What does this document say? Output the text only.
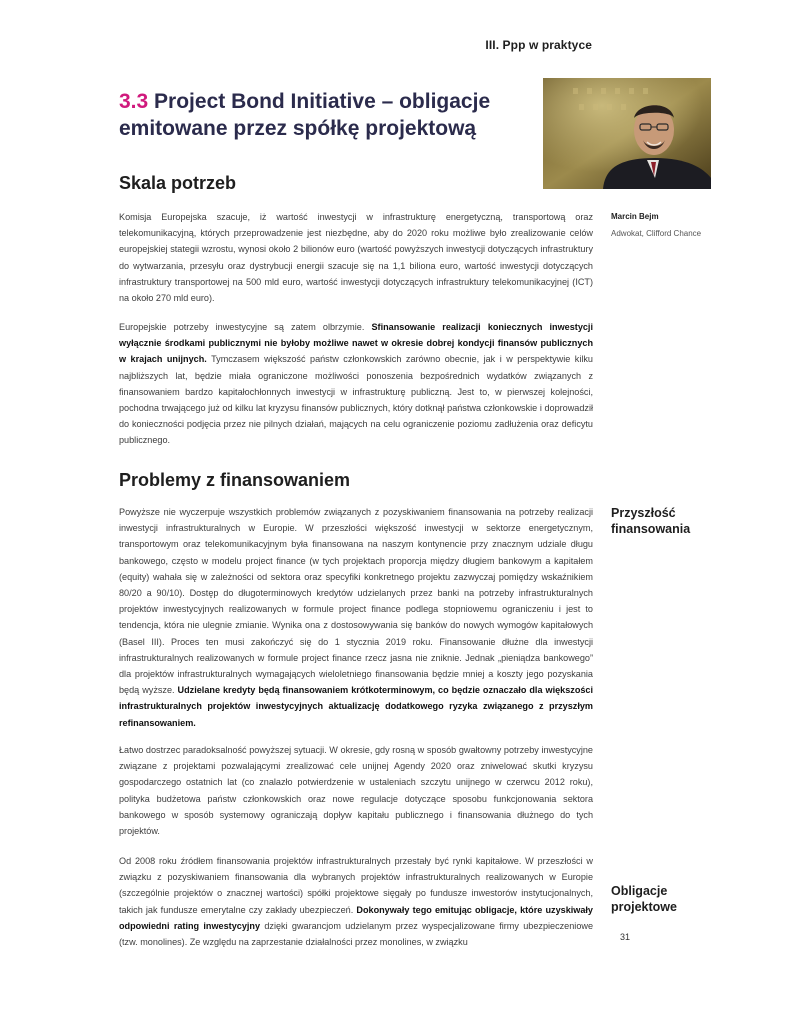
III. Ppp w praktyce
3.3 Project Bond Initiative – obligacje
emitowane przez spółkę projektową
Skala potrzeb

Komisja Europejska szacuje, iż wartość inwestycji w infrastrukturę energetyczną, transportową oraz telekomunikacyjną, których przeprowadzenie jest niezbędne, aby do 2020 roku możliwe było zrealizowanie celów europejskiej stategii wzrostu, wynosi około 2 bilionów euro (wartość powyższych inwestycji dotyczących infrastruktury do wytwarzania, przesyłu oraz dystrybucji energii szacuje się na 1,1 biliona euro, wartość inwestycji dotyczących infrastruktury transportowej na 500 mld euro, wartość inwestycji dotyczących infrastruktury telekomunikacyjnej (ICT) na około 270 mld euro).

Europejskie potrzeby inwestycyjne są zatem olbrzymie. Sfinansowanie realizacji koniecznych inwestycji wyłącznie środkami publicznymi nie byłoby możliwe nawet w okresie dobrej kondycji finansów publicznych w krajach unijnych. Tymczasem większość państw członkowskich zarówno obecnie, jak i w perspektywie kilku najbliższych lat, będzie miała ograniczone możliwości ponoszenia bezpośrednich wydatków związanych z finansowaniem bardzo kapitałochłonnych inwestycji w infrastrukturę publiczną. Jest to, w pierwszej kolejności, pochodna trwającego już od kilku lat kryzysu finansów publicznych, który dotknął państwa członkowskie i doprowadził do konieczności podjęcia przez nie pilnych działań, mających na celu ograniczenie poziomu zadłużenia oraz deficytu publicznego.

Problemy z finansowaniem

Powyższe nie wyczerpuje wszystkich problemów związanych z pozyskiwaniem finansowania na potrzeby realizacji inwestycji infrastrukturalnych w Europie. W przeszłości większość inwestycji w sektorze energetycznym, transportowym oraz telekomunikacyjnym była finansowana na naszym kontynencie przy znacznym udziale długu bankowego, często w modelu project finance (w tych projektach proporcja między długiem bankowym a kapitałem (equity) wahała się w zależności od sektora oraz specyfiki konkretnego projektu zazwyczaj pomiędzy wskaźnikiem 80/20 a 90/10). Dostęp do długoterminowych kredytów udzielanych przez banki na potrzeby infrastrukturalnych projektów inwestycyjnych realizowanych w formule project finance podlega stopniowemu ograniczeniu i jest to tendencja, która nie ulegnie zmianie. Wynika ona z dostosowywania się banków do nowych wymogów kapitałowych (Basel III). Proces ten musi zakończyć się do 1 stycznia 2019 roku. Finansowanie dłużne dla inwestycji infrastrukturalnych realizowanych w formule project finance rzecz jasna nie zniknie. Jednak „pieniądza bankowego” dla projektów infrastrukturalnych wymagających wieloletniego finansowania będzie mniej a koszty jego pozyskania będą wyższe. Udzielane kredyty będą finansowaniem krótkoterminowym, co będzie oznaczało dla większości infrastrukturalnych projektów inwestycyjnych aktualizację dodatkowego ryzyka związanego z przyszłym refinansowaniem.

Łatwo dostrzec paradoksalność powyższej sytuacji. W okresie, gdy rosną w sposób gwałtowny potrzeby inwestycyjne związane z projektami pozwalającymi zrealizować cele unijnej Agendy 2020 oraz zniwelować skutki kryzysu gospodarczego ostatnich lat (co znalazło potwierdzenie w ustaleniach szczytu unijnego w czerwcu 2012 roku), polityka budżetowa państw członkowskich oraz nowe regulacje dotyczące sposobu funkcjonowania sektora bankowego w sposób systemowy ograniczają dopływ kapitału publicznego i finansowania dłużnego do tych projektów.

Od 2008 roku źródłem finansowania projektów infrastrukturalnych przestały być rynki kapitałowe. W przeszłości w związku z pozyskiwaniem finansowania dla wybranych projektów infrastrukturalnych realizowanych w Europie (szczególnie projektów o znacznej wartości) spółki projektowe sięgały po fundusze inwestorów instytucjonalnych, takich jak fundusze emerytalne czy zakłady ubezpieczeń. Dokonywały tego emitując obligacje, które uzyskiwały odpowiedni rating inwestycyjny dzięki gwarancjom udzielanym przez wyspecjalizowane firmy ubezpieczeniowe (tzw. monolines). Ze względu na zaprzestanie działalności przez monolines, w związku

Marcin Bejm
Adwokat, Clifford Chance
Przyszłość
finansowania
Obligacje
projektowe
31
